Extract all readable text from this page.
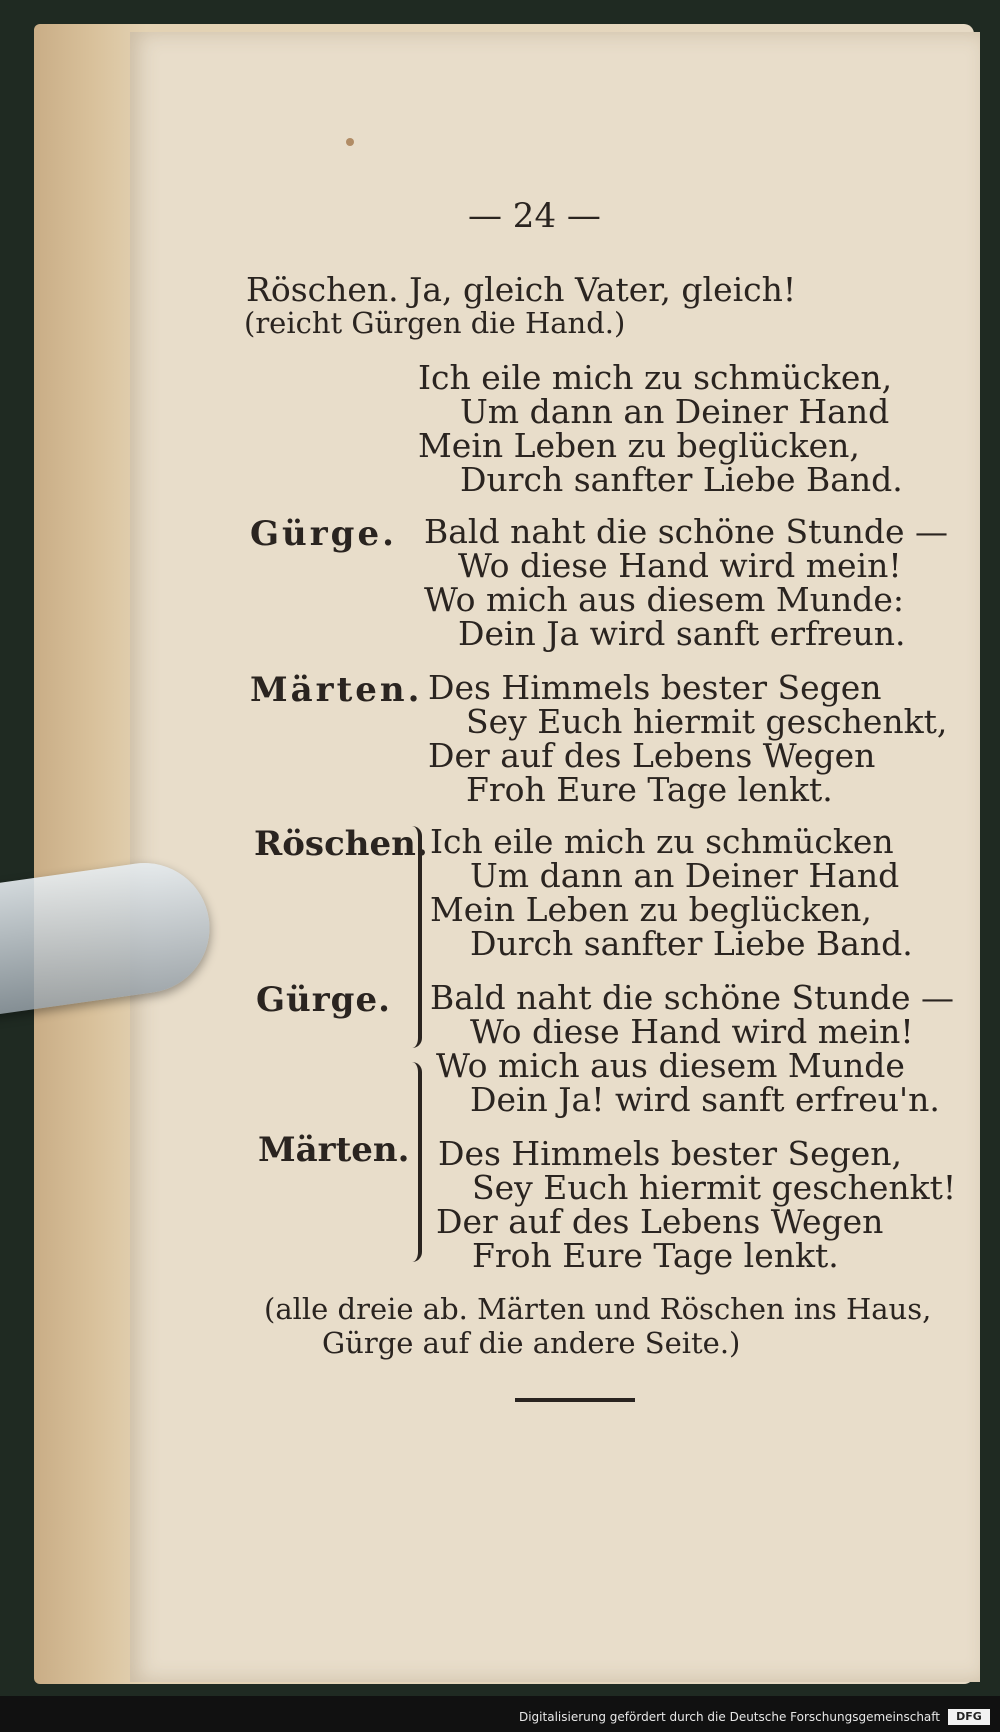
— 24 —
Röschen. Ja, gleich Vater, gleich!
(reicht Gürgen die Hand.)
Ich eile mich zu schmücken,
Um dann an Deiner Hand
Mein Leben zu beglücken,
Durch sanfter Liebe Band.
Gürge. Bald naht die schöne Stunde —
Wo diese Hand wird mein!
Wo mich aus diesem Munde:
Dein Ja wird sanft erfreun.
Märten. Des Himmels bester Segen
Sey Euch hiermit geschenkt,
Der auf des Lebens Wegen
Froh Eure Tage lenkt.
Röschen. Ich eile mich zu schmücken
Um dann an Deiner Hand
Mein Leben zu beglücken,
Durch sanfter Liebe Band.
Gürge. Bald naht die schöne Stunde —
Wo diese Hand wird mein!
Wo mich aus diesem Munde
Dein Ja! wird sanft erfreu'n.
Märten. Des Himmels bester Segen,
Sey Euch hiermit geschenkt!
Der auf des Lebens Wegen
Froh Eure Tage lenkt.
(alle dreie ab. Märten und Röschen ins Haus,
Gürge auf die andere Seite.)
Digitalisierung gefördert durch die Deutsche Forschungsgemeinschaft	DFG
